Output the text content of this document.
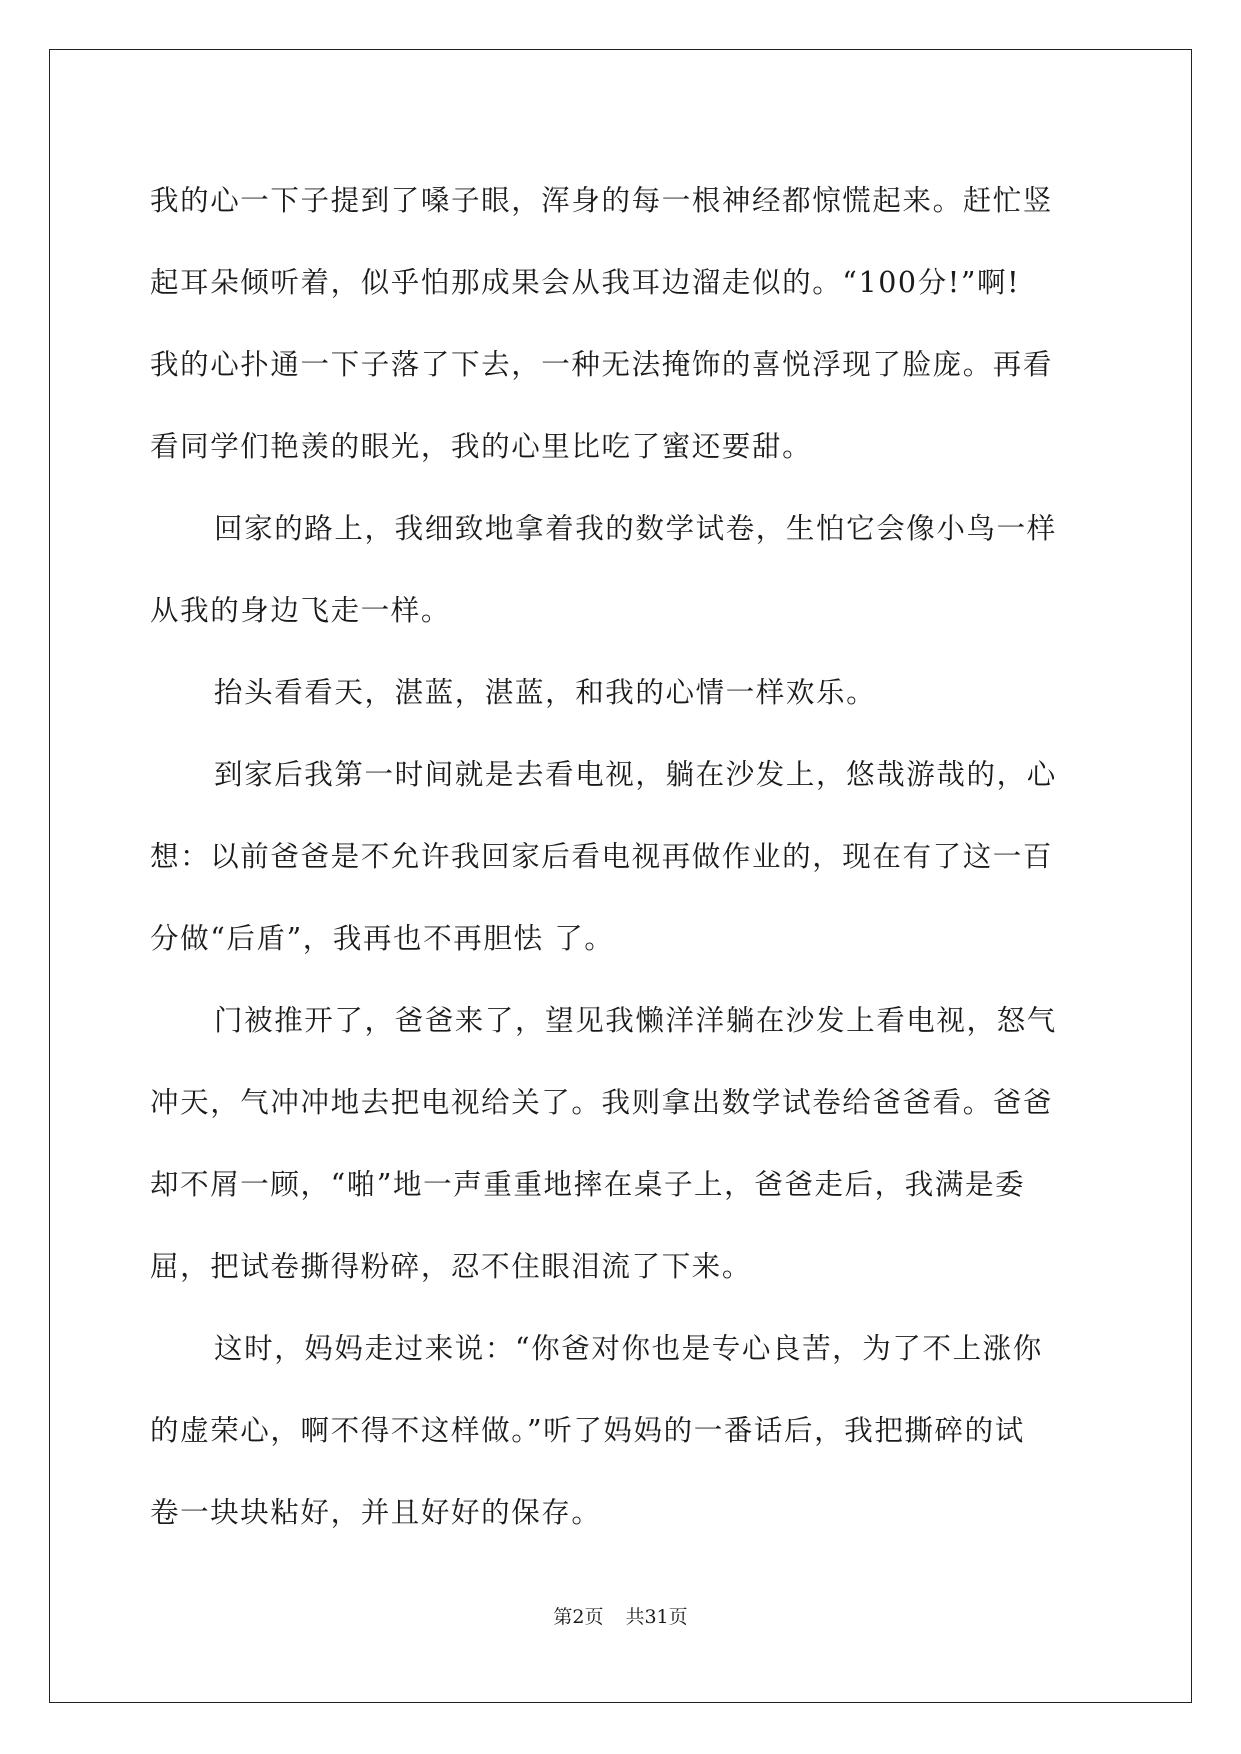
我的心一下子提到了嗓子眼，浑身的每一根神经都惊慌起来。赶忙竖
起耳朵倾听着，似乎怕那成果会从我耳边溜走似的。“100分!”啊!
我的心扑通一下子落了下去，一种无法掩饰的喜悦浮现了脸庞。再看
看同学们艳羡的眼光，我的心里比吃了蜜还要甜。
回家的路上，我细致地拿着我的数学试卷，生怕它会像小鸟一样
从我的身边飞走一样。
抬头看看天，湛蓝，湛蓝，和我的心情一样欢乐。
到家后我第一时间就是去看电视，躺在沙发上，悠哉游哉的，心
想：以前爸爸是不允许我回家后看电视再做作业的，现在有了这一百
分做“后盾”，我再也不再胆怯 了。
门被推开了，爸爸来了，望见我懒洋洋躺在沙发上看电视，怒气
冲天，气冲冲地去把电视给关了。我则拿出数学试卷给爸爸看。爸爸
却不屑一顾，“啪”地一声重重地摔在桌子上，爸爸走后，我满是委
屈，把试卷撕得粉碎，忍不住眼泪流了下来。
这时，妈妈走过来说：“你爸对你也是专心良苦，为了不上涨你
的虚荣心，啊不得不这样做。”听了妈妈的一番话后，我把撕碎的试
卷一块块粘好，并且好好的保存。
第2页 共31页
